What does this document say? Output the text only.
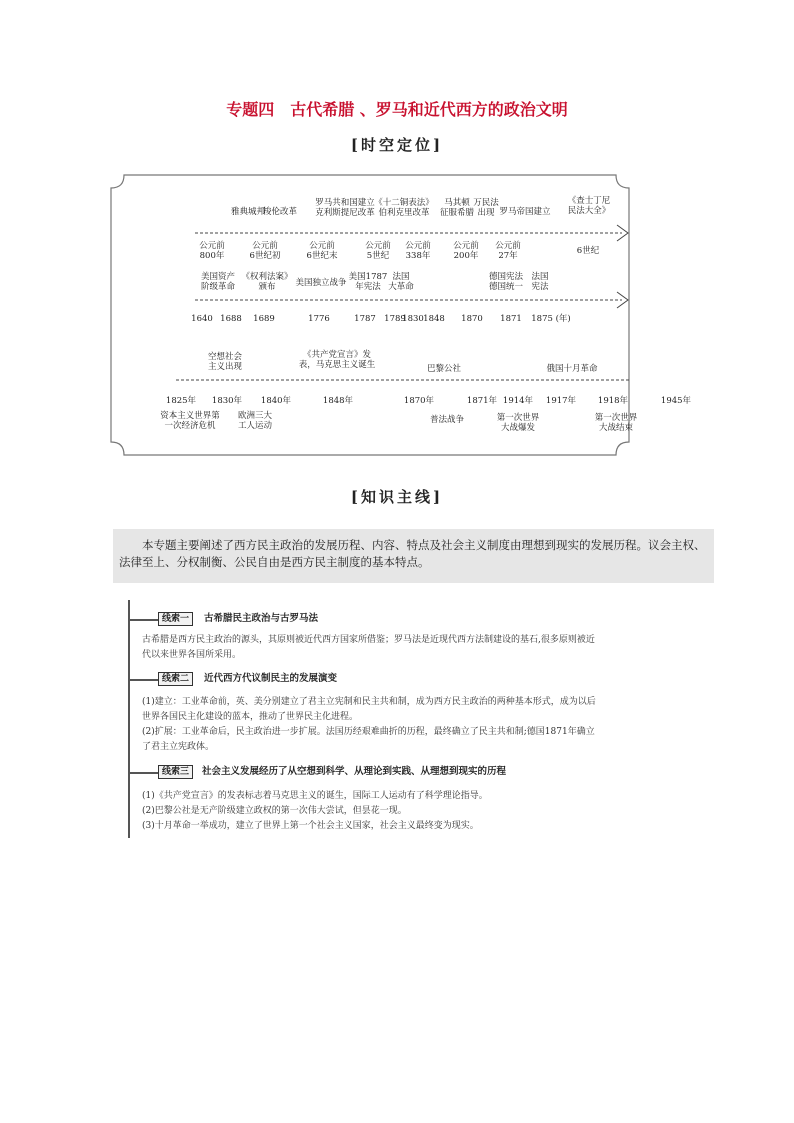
专题四　古代希腊 、罗马和近代西方的政治文明
[时空定位]
雅典城邦
梭伦改革
罗马共和国建立
克利斯提尼改革
《十二铜表法》
伯利克里改革
马其顿
征服希腊
万民法
出现 罗马帝国建立
《查士丁尼
民法大全》
公元前
800年
公元前
6世纪初
公元前
6世纪末
公元前
5世纪
公元前
338年
公元前
200年
公元前
27年	6世纪
美国资产
阶级革命
《权利法案》
颁布	美国独立战争
美国1787
年宪法
法国
大革命
德国宪法
德国统一
法国
宪法
1640 1688 1689	1776	1787 1789
1830 1848 1870 1871 1875 (年)
空想社会
主义出现
《共产党宣言》发
表，马克思主义诞生	巴黎公社	俄国十月革命
1825年 1830年 1840年	1848年	1870年	1871年 1914年 1917年	1918年	1945年
资本主义世界第
一次经济危机
欧洲三大
工人运动
普法战争	第一次世界
大战爆发
第一次世界
大战结束
[知识主线]

本专题主要阐述了西方民主政治的发展历程、内容、特点及社会主义制度由理想到现实的发展历程。议会主权、法律至上、分权制衡、公民自由是西方民主制度的基本特点。

线索一	古希腊民主政治与古罗马法
古希腊是西方民主政治的源头，其原则被近代西方国家所借鉴；罗马法是近现代西方法制建设的基石,很多原则被近
代以来世界各国所采用。
线索二	近代西方代议制民主的发展演变
(1)建立：工业革命前，英、美分别建立了君主立宪制和民主共和制，成为西方民主政治的两种基本形式，成为以后
世界各国民主化建设的蓝本，推动了世界民主化进程。
(2)扩展：工业革命后，民主政治进一步扩展。法国历经艰难曲折的历程，最终确立了民主共和制;德国1871年确立
了君主立宪政体。
线索三	社会主义发展经历了从空想到科学、从理论到实践、从理想到现实的历程
(1)《共产党宣言》的发表标志着马克思主义的诞生，国际工人运动有了科学理论指导。
(2)巴黎公社是无产阶级建立政权的第一次伟大尝试，但昙花一现。
(3)十月革命一举成功，建立了世界上第一个社会主义国家，社会主义最终变为现实。
